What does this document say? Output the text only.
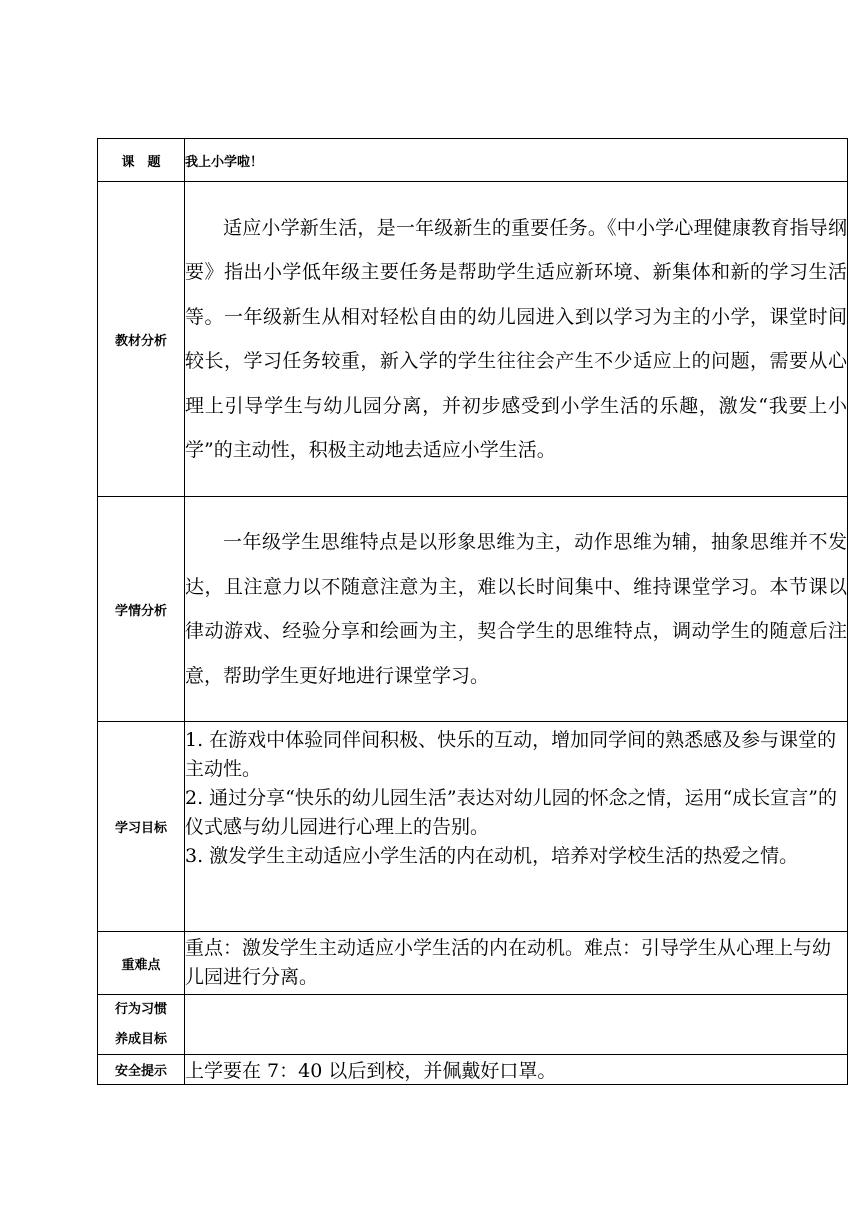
课　题	我上小学啦！
教材分析	适应小学新生活，是一年级新生的重要任务。《中小学心理健康教育指导纲要》指出小学低年级主要任务是帮助学生适应新环境、新集体和新的学习生活等。一年级新生从相对轻松自由的幼儿园进入到以学习为主的小学，课堂时间较长，学习任务较重，新入学的学生往往会产生不少适应上的问题，需要从心理上引导学生与幼儿园分离，并初步感受到小学生活的乐趣，激发“我要上小学”的主动性，积极主动地去适应小学生活。

学情分析	一年级学生思维特点是以形象思维为主，动作思维为辅，抽象思维并不发达，且注意力以不随意注意为主，难以长时间集中、维持课堂学习。本节课以律动游戏、经验分享和绘画为主，契合学生的思维特点，调动学生的随意后注意，帮助学生更好地进行课堂学习。

学习目标	1. 在游戏中体验同伴间积极、快乐的互动，增加同学间的熟悉感及参与课堂的主动性。

2. 通过分享“快乐的幼儿园生活”表达对幼儿园的怀念之情，运用“成长宣言”的仪式感与幼儿园进行心理上的告别。

3. 激发学生主动适应小学生活的内在动机，培养对学校生活的热爱之情。

重难点	重点：激发学生主动适应小学生活的内在动机。难点：引导学生从心理上与幼儿园进行分离。

行为习惯
养成目标	

安全提示	上学要在 7：40 以后到校，并佩戴好口罩。
